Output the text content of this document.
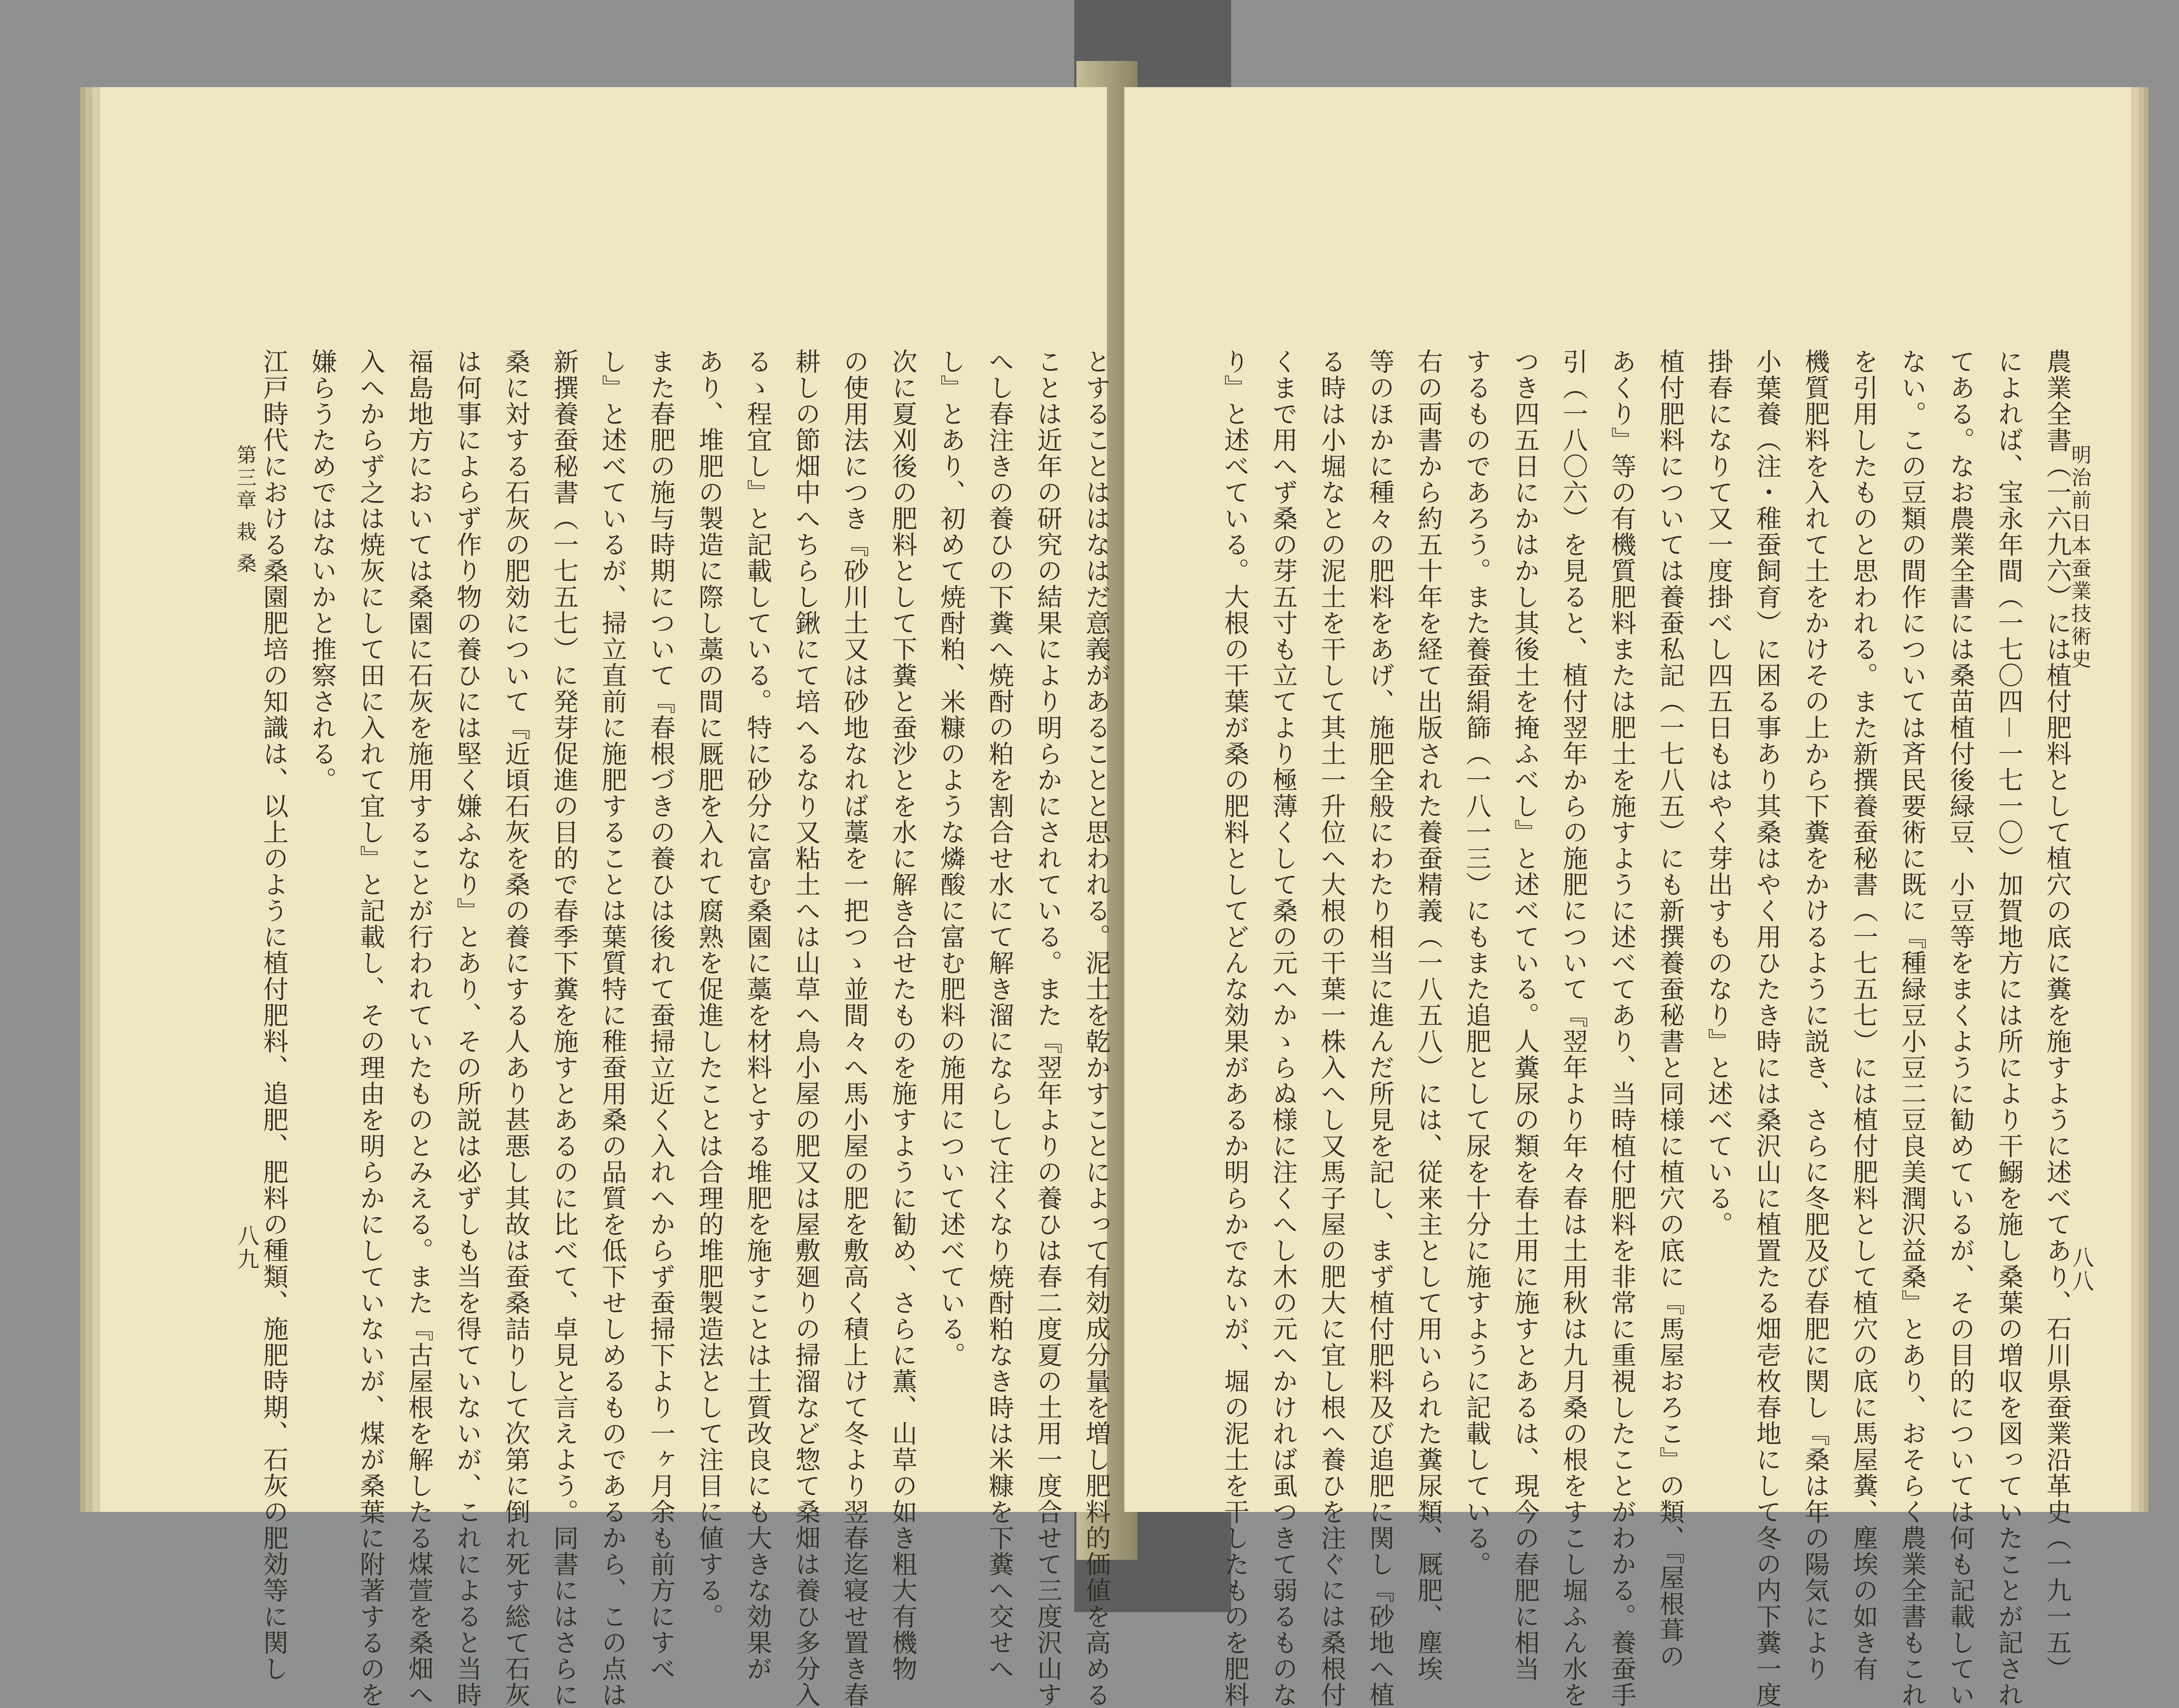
第三章 栽 桑
八九	とすることははなはだ意義があることと思われる。泥土を乾かすことによって有効成分量を増し肥料的価値を高める
ことは近年の研究の結果により明らかにされている。また『翌年よりの養ひは春二度夏の土用一度合せて三度沢山す
へし春注きの養ひの下糞へ焼酎の粕を割合せ水にて解き溜にならして注くなり焼酎粕なき時は米糠を下糞へ交せへ
し』とあり、初めて焼酎粕、米糠のような燐酸に富む肥料の施用について述べている。
次に夏刈後の肥料として下糞と蚕沙とを水に解き合せたものを施すように勧め、さらに薫、山草の如き粗大有機物
の使用法につき『砂川土又は砂地なれば藁を一把つゝ並間々へ馬小屋の肥を敷高く積上けて冬より翌春迄寝せ置き春
耕しの節畑中へちらし鍬にて培へるなり又粘土へは山草へ鳥小屋の肥又は屋敷廻りの掃溜など惣て桑畑は養ひ多分入
るゝ程宜し』と記載している。特に砂分に富む桑園に藁を材料とする堆肥を施すことは土質改良にも大きな効果が
あり、堆肥の製造に際し藁の間に厩肥を入れて腐熟を促進したことは合理的堆肥製造法として注目に値する。
また春肥の施与時期について『春根づきの養ひは後れて蚕掃立近く入れへからず蚕掃下より一ヶ月余も前方にすべ
し』と述べているが、掃立直前に施肥することは葉質特に稚蚕用桑の品質を低下せしめるものであるから、この点は
新撰養蚕秘書（一七五七）に発芽促進の目的で春季下糞を施すとあるのに比べて、卓見と言えよう。同書にはさらに
桑に対する石灰の肥効について『近頃石灰を桑の養にする人あり甚悪し其故は蚕桑詰りして次第に倒れ死す総て石灰
は何事によらず作り物の養ひには堅く嫌ふなり』とあり、その所説は必ずしも当を得ていないが、これによると当時
福島地方においては桑園に石灰を施用することが行われていたものとみえる。また『古屋根を解したる煤萱を桑畑へ
入へからず之は焼灰にして田に入れて宜し』と記載し、その理由を明らかにしていないが、煤が桑葉に附著するのを
嫌らうためではないかと推察される。
江戸時代における桑園肥培の知識は、以上のように植付肥料、追肥、肥料の種類、施肥時期、石灰の肥効等に関し	明治前日本蚕業技術史
八八
農業全書（一六九六）には植付肥料として植穴の底に糞を施すように述べてあり、石川県蚕業沿革史（一九一五）
によれば、宝永年間（一七〇四－一七一〇）加賀地方には所により干鰯を施し桑葉の増収を図っていたことが記され
てある。なお農業全書には桑苗植付後緑豆、小豆等をまくように勧めているが、その目的については何も記載してい
ない。この豆類の間作については斉民要術に既に『種緑豆小豆二豆良美潤沢益桑』とあり、おそらく農業全書もこれ
を引用したものと思われる。また新撰養蚕秘書（一七五七）には植付肥料として植穴の底に馬屋糞、塵埃の如き有
機質肥料を入れて土をかけその上から下糞をかけるように説き、さらに冬肥及び春肥に関し『桑は年の陽気により
小葉養（注・稚蚕飼育）に困る事あり其桑はやく用ひたき時には桑沢山に植置たる畑壱枚春地にして冬の内下糞一度
掛春になりて又一度掛べし四五日もはやく芽出すものなり』と述べている。
植付肥料については養蚕私記（一七八五）にも新撰養蚕秘書と同様に植穴の底に『馬屋おろこ』の類、『屋根葺の
あくり』等の有機質肥料または肥土を施すように述べてあり、当時植付肥料を非常に重視したことがわかる。養蚕手
引（一八〇六）を見ると、植付翌年からの施肥について『翌年より年々春は土用秋は九月桑の根をすこし堀ふん水を
つき四五日にかはかし其後土を掩ふべし』と述べている。人糞尿の類を春土用に施すとあるは、現今の春肥に相当
するものであろう。また養蚕絹篩（一八一三）にもまた追肥として尿を十分に施すように記載している。
右の両書から約五十年を経て出版された養蚕精義（一八五八）には、従来主として用いられた糞尿類、厩肥、塵埃
等のほかに種々の肥料をあげ、施肥全般にわたり相当に進んだ所見を記し、まず植付肥料及び追肥に関し『砂地へ植
る時は小堀なとの泥土を干して其土一升位へ大根の干葉一株入へし又馬子屋の肥大に宜し根へ養ひを注ぐには桑根付
くまで用へず桑の芽五寸も立てより極薄くして桑の元へかゝらぬ様に注くへし木の元へかければ虱つきて弱るものな
り』と述べている。大根の干葉が桑の肥料としてどんな効果があるか明らかでないが、堀の泥土を干したものを肥料
